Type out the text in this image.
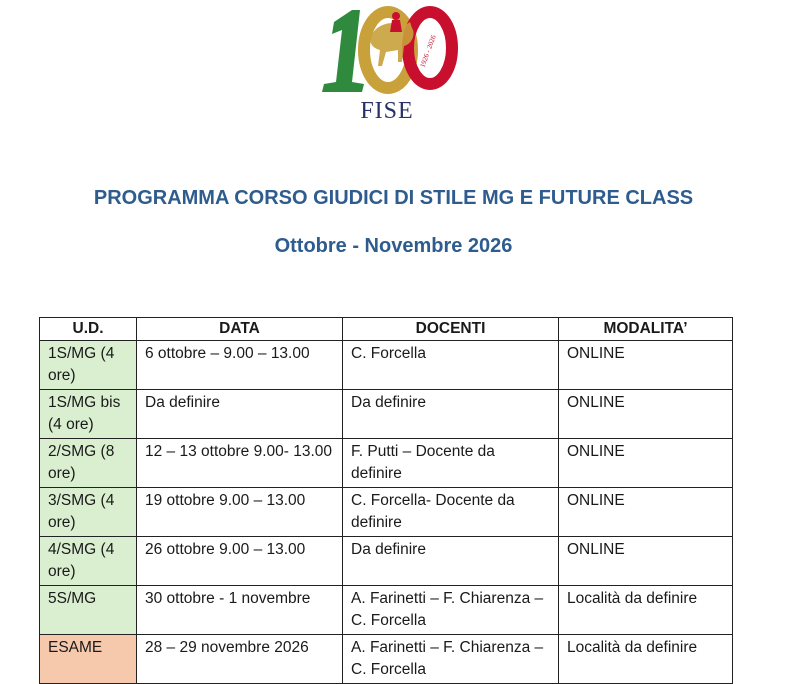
1926 - 2026
FISE
PROGRAMMA CORSO GIUDICI DI STILE MG E FUTURE CLASS
Ottobre - Novembre 2026
U.D.	DATA	DOCENTI	MODALITA’
1S/MG (4 ore)	6 ottobre – 9.00 – 13.00	C. Forcella	ONLINE
1S/MG bis (4 ore)	Da definire	Da definire	ONLINE
2/SMG (8 ore)	12 – 13 ottobre 9.00- 13.00	F. Putti – Docente da definire	ONLINE
3/SMG (4 ore)	19 ottobre 9.00 – 13.00	C. Forcella- Docente da definire	ONLINE
4/SMG (4 ore)	26 ottobre 9.00 – 13.00	Da definire	ONLINE
5S/MG	30 ottobre - 1 novembre	A. Farinetti – F. Chiarenza – C. Forcella	Località da definire
ESAME	28 – 29 novembre 2026	A. Farinetti – F. Chiarenza – C. Forcella	Località da definire
